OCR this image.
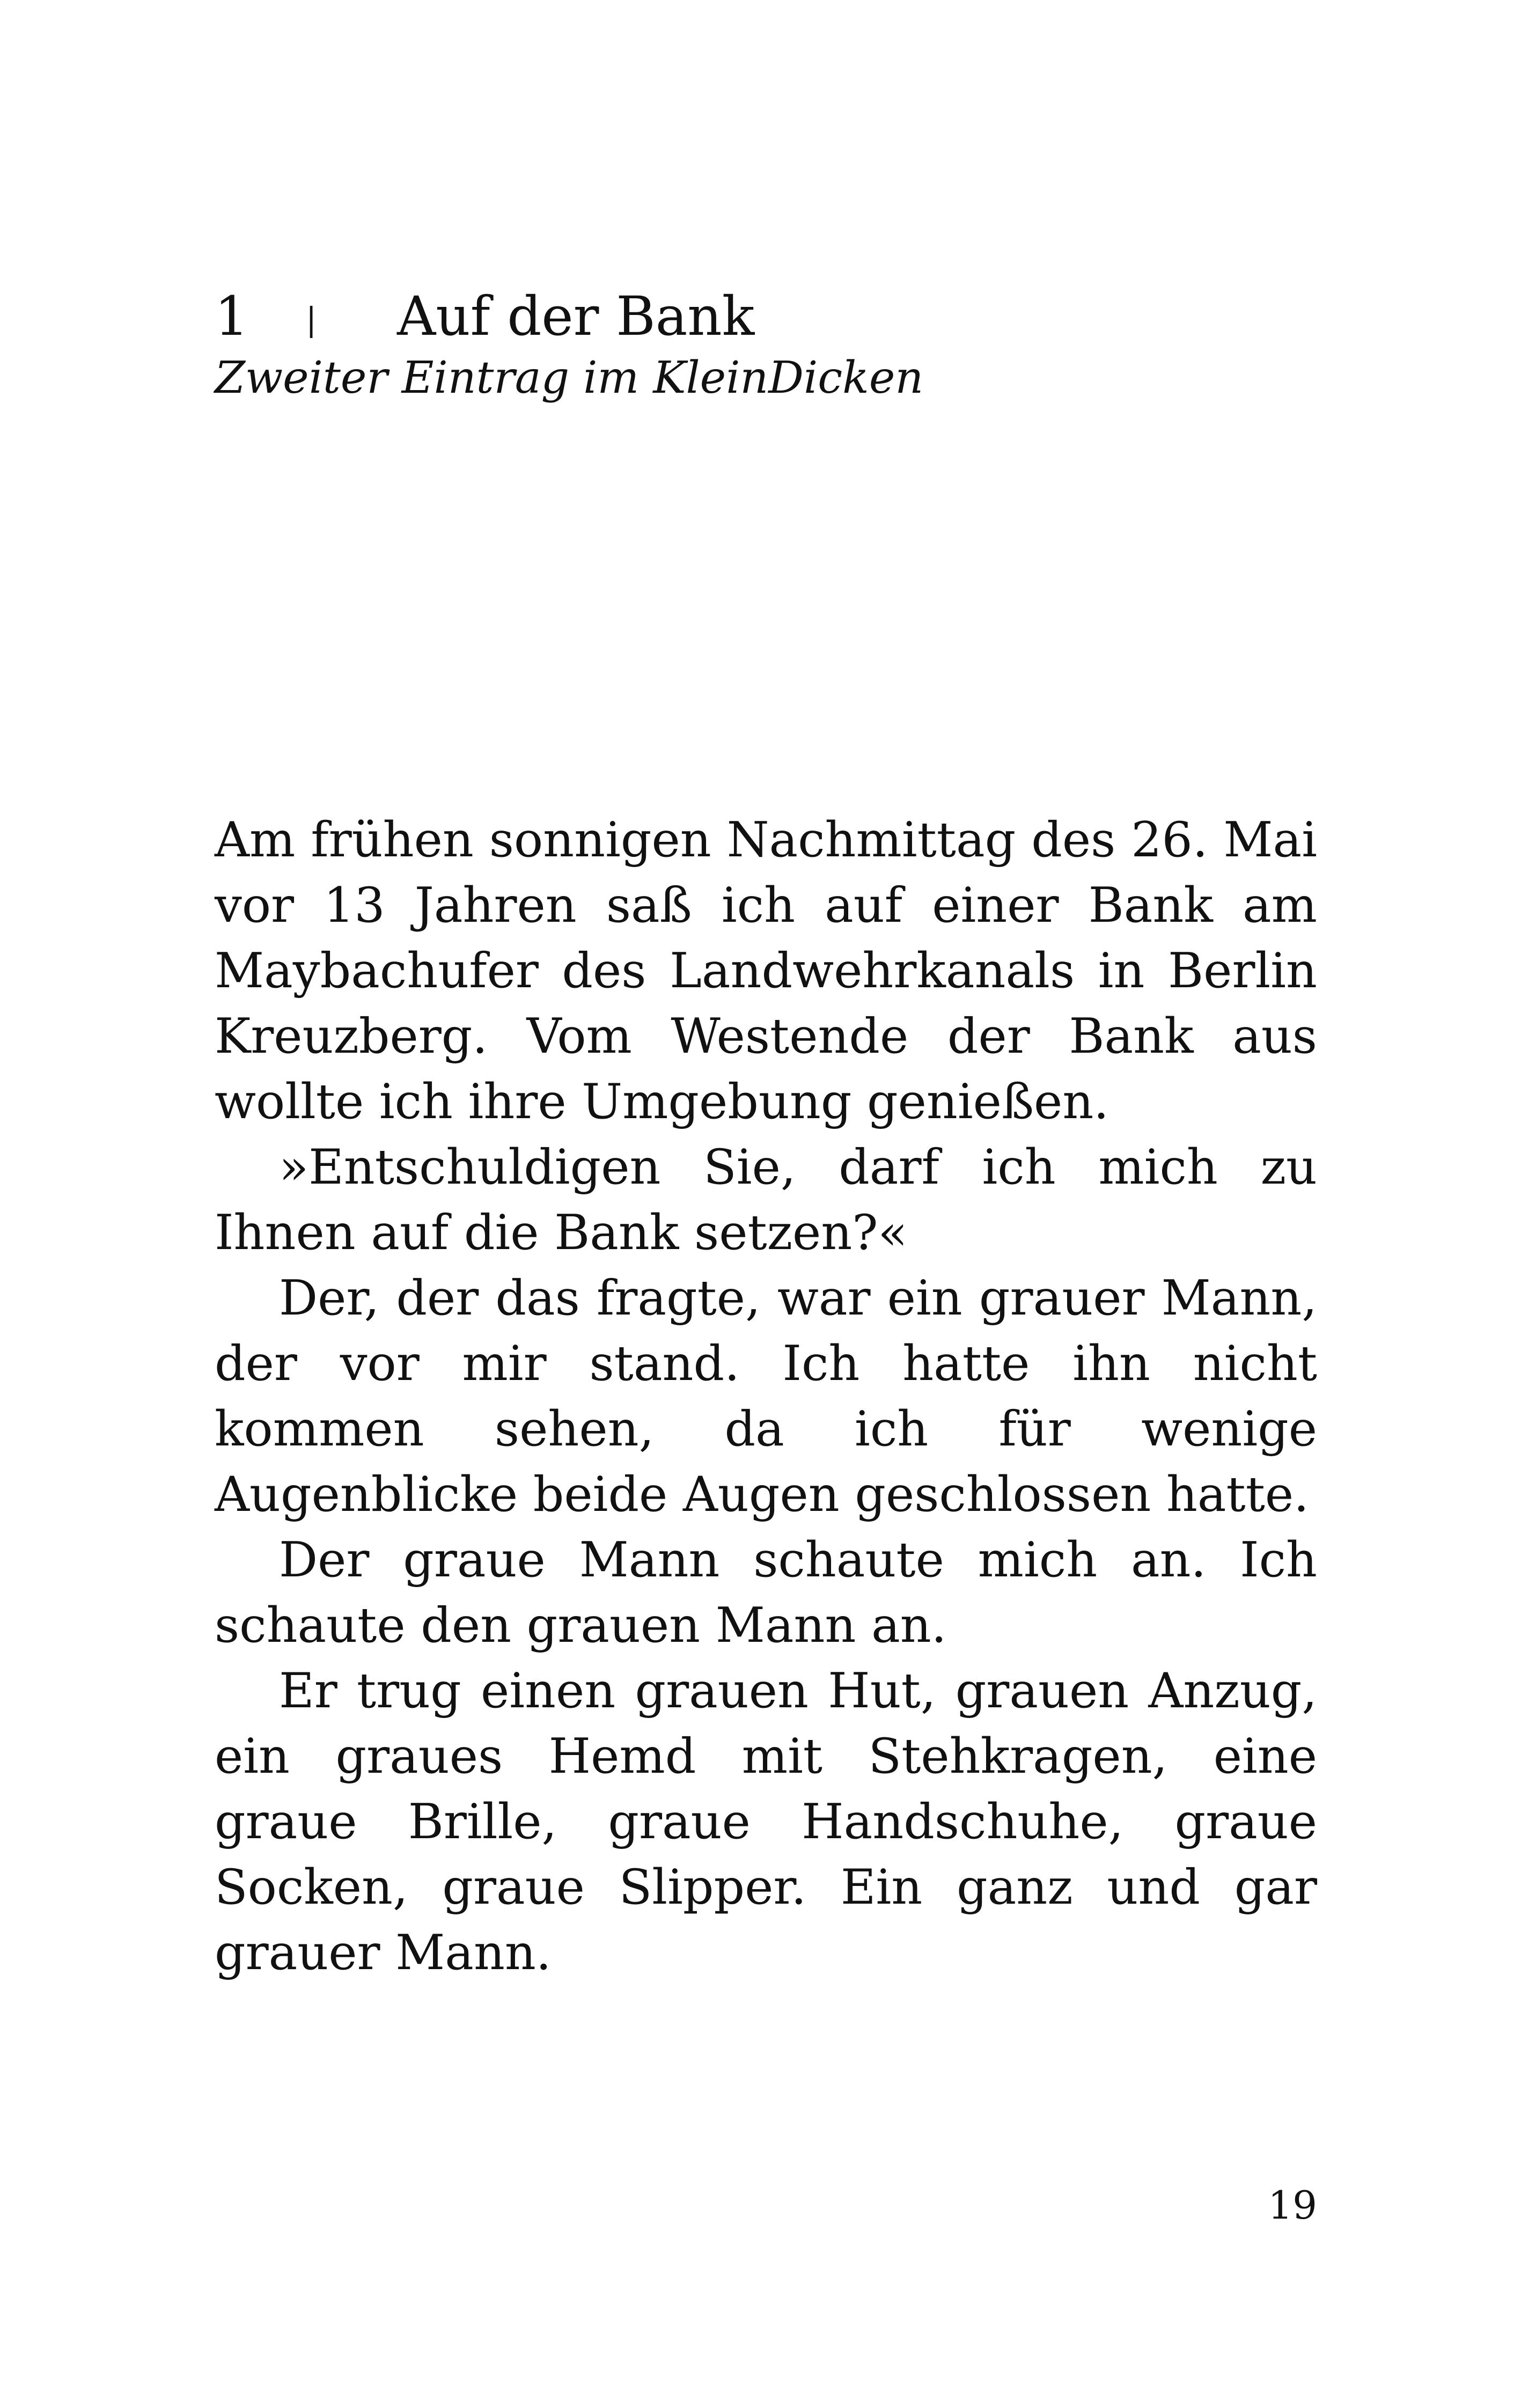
1 | Auf der Bank
Zweiter Eintrag im KleinDicken

Am frühen sonnigen Nachmittag des 26. Mai vor 13 Jahren saß ich auf einer Bank am Maybachufer des Landwehrkanals in Berlin Kreuzberg. Vom Westende der Bank aus wollte ich ihre Umgebung genießen.

»Entschuldigen Sie, darf ich mich zu Ihnen auf die Bank setzen?«

Der, der das fragte, war ein grauer Mann, der vor mir stand. Ich hatte ihn nicht kommen sehen, da ich für wenige Augenblicke beide Augen geschlossen hatte.

Der graue Mann schaute mich an. Ich schaute den grauen Mann an.

Er trug einen grauen Hut, grauen Anzug, ein graues Hemd mit Stehkragen, eine graue Brille, graue Handschuhe, graue Socken, graue Slipper. Ein ganz und gar grauer Mann.

19
